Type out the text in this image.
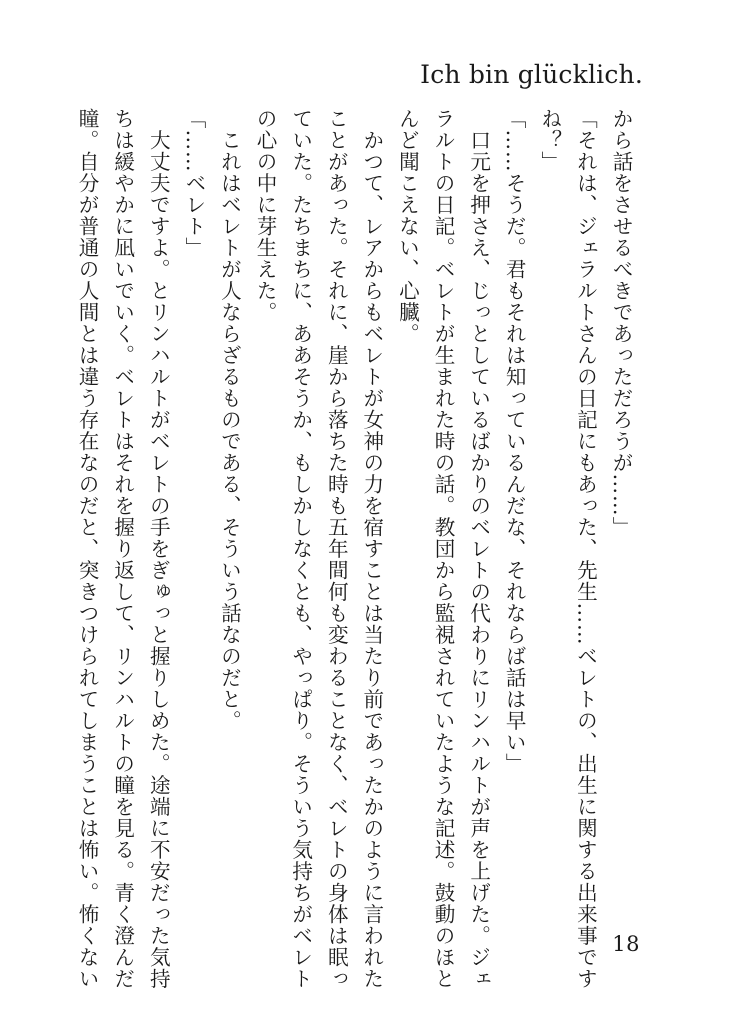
Ich bin glücklich.
から話をさせるべきであっただろうが……」
「それは、ジェラルトさんの日記にもあった、先生……ベレトの、出生に関する出来事です
ね？」
「……そうだ。君もそれは知っているんだな、それならば話は早い」
　口元を押さえ、じっとしているばかりのベレトの代わりにリンハルトが声を上げた。ジェ
ラルトの日記。ベレトが生まれた時の話。教団から監視されていたような記述。鼓動のほと
んど聞こえない、心臓。
　かつて、レアからもベレトが女神の力を宿すことは当たり前であったかのように言われた
ことがあった。それに、崖から落ちた時も五年間何も変わることなく、ベレトの身体は眠っ
ていた。たちまちに、ああそうか、もしかしなくとも、やっぱり。そういう気持ちがベレト
の心の中に芽生えた。
　これはベレトが人ならざるものである、そういう話なのだと。
「……ベレト」
　大丈夫ですよ。とリンハルトがベレトの手をぎゅっと握りしめた。途端に不安だった気持
ちは緩やかに凪いでいく。ベレトはそれを握り返して、リンハルトの瞳を見る。青く澄んだ
瞳。自分が普通の人間とは違う存在なのだと、突きつけられてしまうことは怖い。怖くない	18
